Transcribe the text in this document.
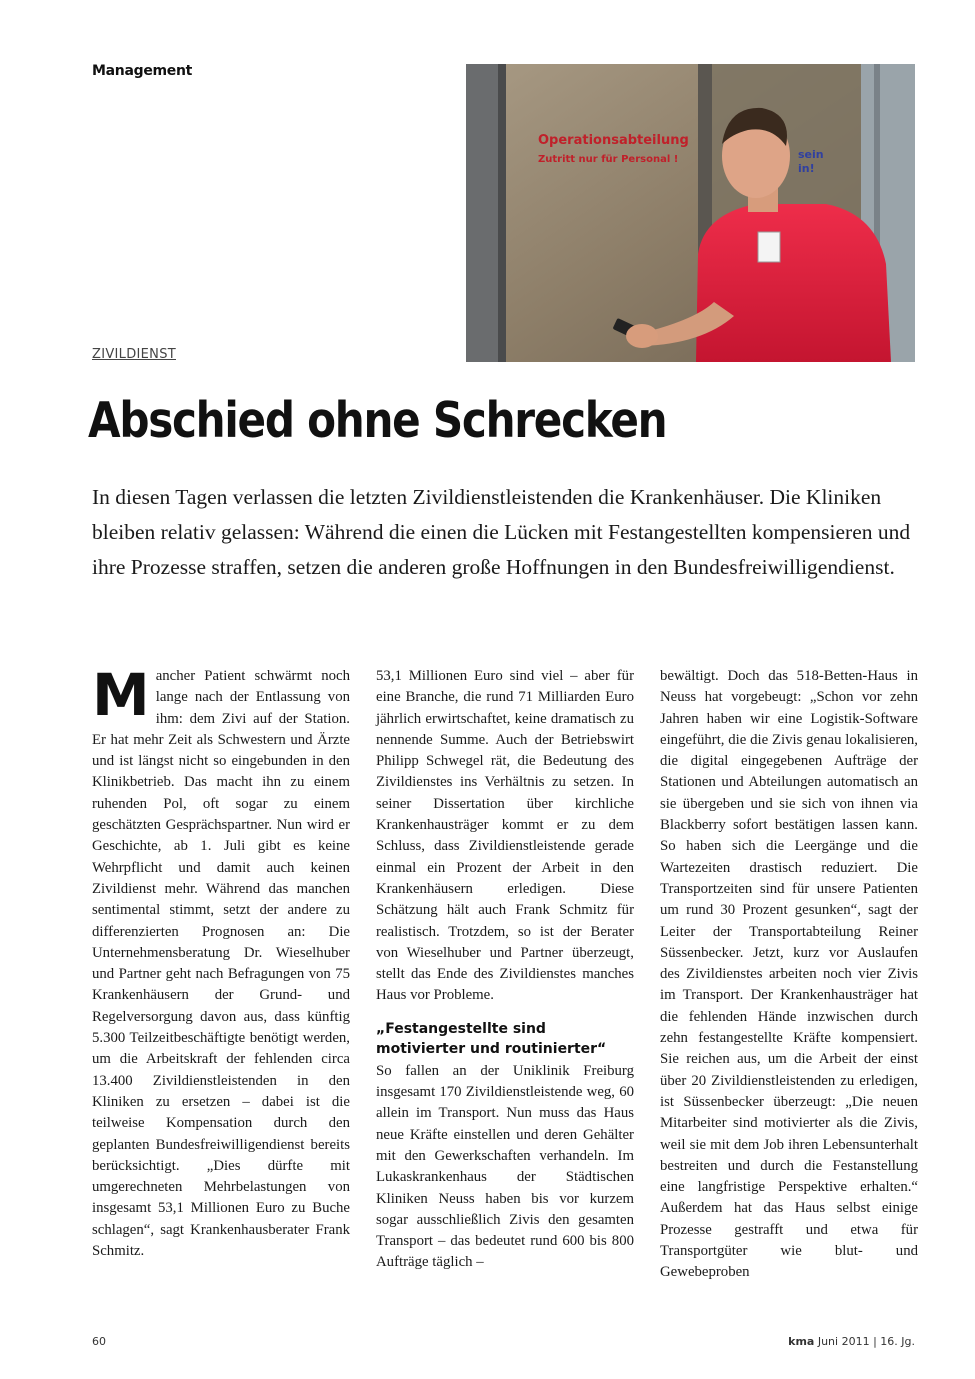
Management
Operationsabteilung
Zutritt nur für Personal !	sein
in!
ZIVILDIENST
Abschied ohne Schrecken

In diesen Tagen verlassen die letzten Zivildienstleistenden die Krankenhäuser. Die Kliniken bleiben relativ gelassen: Während die einen die Lücken mit Festangestellten kompensieren und ihre Prozesse straffen, setzen die anderen große Hoffnungen in den Bundesfreiwilligendienst.

M ancher Patient schwärmt noch lange nach der Entlassung von ihm: dem Zivi auf der Station. Er hat mehr Zeit als Schwestern und Ärzte und ist längst nicht so eingebunden in den Klinikbetrieb. Das macht ihn zu einem ruhenden Pol, oft sogar zu einem geschätzten Gesprächspartner. Nun wird er Geschichte, ab 1. Juli gibt es keine Wehrpflicht und damit auch keinen Zivildienst mehr. Während das manchen sentimental stimmt, setzt der andere zu differenzierten Prognosen an: Die Unternehmensberatung Dr. Wieselhuber und Partner geht nach Befragungen von 75 Krankenhäusern der Grund- und Regelversorgung davon aus, dass künftig 5.300 Teilzeitbeschäftigte benötigt werden, um die Arbeitskraft der fehlenden circa 13.400 Zivildienstleistenden in den Kliniken zu ersetzen – dabei ist die teilweise Kompensation durch den geplanten Bundesfreiwilligendienst bereits berücksichtigt. „Dies dürfte mit umgerechneten Mehrbelastungen von insgesamt 53,1 Millionen Euro zu Buche schlagen“, sagt Krankenhausberater Frank Schmitz.

53,1 Millionen Euro sind viel – aber für eine Branche, die rund 71 Milliarden Euro jährlich erwirtschaftet, keine dramatisch zu nennende Summe. Auch der Betriebswirt Philipp Schwegel rät, die Bedeutung des Zivildienstes ins Verhältnis zu setzen. In seiner Dissertation über kirchliche Krankenhausträger kommt er zu dem Schluss, dass Zivildienstleistende gerade einmal ein Prozent der Arbeit in den Krankenhäusern erledigen. Diese Schätzung hält auch Frank Schmitz für realistisch. Trotzdem, so ist der Berater von Wieselhuber und Partner überzeugt, stellt das Ende des Zivildienstes manches Haus vor Probleme.

„Festangestellte sind motivierter und routinierter“

So fallen an der Uniklinik Freiburg insgesamt 170 Zivildienstleistende weg, 60 allein im Transport. Nun muss das Haus neue Kräfte einstellen und deren Gehälter mit den Gewerkschaften verhandeln. Im Lukaskrankenhaus der Städtischen Kliniken Neuss haben bis vor kurzem sogar ausschließlich Zivis den gesamten Transport – das bedeutet rund 600 bis 800 Aufträge täglich –

bewältigt. Doch das 518-Betten-Haus in Neuss hat vorgebeugt: „Schon vor zehn Jahren haben wir eine Logistik-Software eingeführt, die die Zivis genau lokalisieren, die digital eingegebenen Aufträge der Stationen und Abteilungen automatisch an sie übergeben und sie sich von ihnen via Blackberry sofort bestätigen lassen kann. So haben sich die Leergänge und die Wartezeiten drastisch reduziert. Die Transportzeiten sind für unsere Patienten um rund 30 Prozent gesunken“, sagt der Leiter der Transportabteilung Reiner Süssenbecker. Jetzt, kurz vor Auslaufen des Zivildienstes arbeiten noch vier Zivis im Transport. Der Krankenhausträger hat die fehlenden Hände inzwischen durch zehn festangestellte Kräfte kompensiert. Sie reichen aus, um die Arbeit der einst über 20 Zivildienstleistenden zu erledigen, ist Süssenbecker überzeugt: „Die neuen Mitarbeiter sind motivierter als die Zivis, weil sie mit dem Job ihren Lebensunterhalt bestreiten und durch die Festanstellung eine langfristige Perspektive erhalten.“ Außerdem hat das Haus selbst einige Prozesse gestrafft und etwa für Transportgüter wie blut- und Gewebeproben

60	kma Juni 2011 | 16. Jg.
